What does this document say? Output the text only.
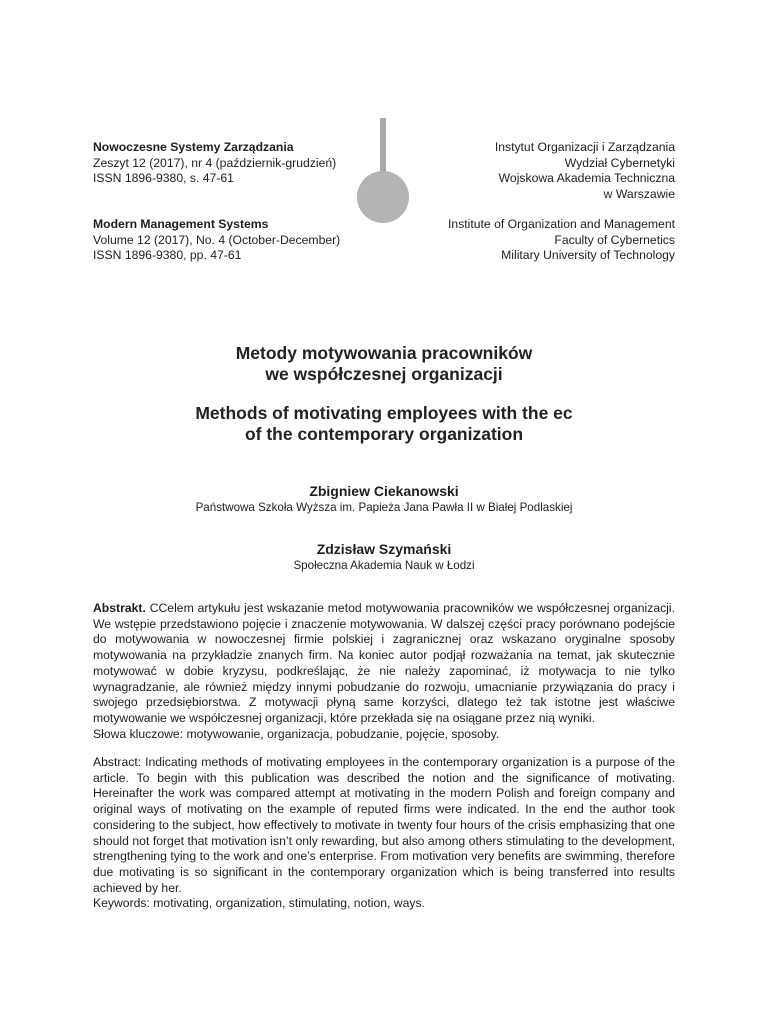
Nowoczesne Systemy Zarządzania
Zeszyt 12 (2017), nr 4 (październik-grudzień)
ISSN 1896-9380, s. 47-61
Modern Management Systems
Volume 12 (2017), No. 4 (October-December)
ISSN 1896-9380, pp. 47-61
Instytut Organizacji i Zarządzania
Wydział Cybernetyki
Wojskowa Akademia Techniczna
w Warszawie
Institute of Organization and Management
Faculty of Cybernetics
Military University of Technology
Metody motywowania pracowników
we współczesnej organizacji
Methods of motivating employees with the ec
of the contemporary organization
Zbigniew Ciekanowski
Państwowa Szkoła Wyższa im. Papieża Jana Pawła II w Białej Podlaskiej
Zdzisław Szymański
Społeczna Akademia Nauk w Łodzi
Abstrakt. CCelem artykułu jest wskazanie metod motywowania pracowników we współczesnej organizacji. We wstępie przedstawiono pojęcie i znaczenie motywowania. W dalszej części pracy porównano podejście do motywowania w nowoczesnej firmie polskiej i zagranicznej oraz wskazano oryginalne sposoby motywowania na przykładzie znanych firm. Na koniec autor podjął rozważania na temat, jak skutecznie motywować w dobie kryzysu, podkreślając, że nie należy zapominać, iż motywacja to nie tylko wynagradzanie, ale również między innymi pobudzanie do rozwoju, umacnianie przywiązania do pracy i swojego przedsiębiorstwa. Z motywacji płyną same korzyści, dlatego też tak istotne jest właściwe motywowanie we współczesnej organizacji, które przekłada się na osiągane przez nią wyniki.
Słowa kluczowe: motywowanie, organizacja, pobudzanie, pojęcie, sposoby.
Abstract: Indicating methods of motivating employees in the contemporary organization is a purpose of the article. To begin with this publication was described the notion and the significance of motivating. Hereinafter the work was compared attempt at motivating in the modern Polish and foreign company and original ways of motivating on the example of reputed firms were indicated. In the end the author took considering to the subject, how effectively to motivate in twenty four hours of the crisis emphasizing that one should not forget that motivation isn’t only rewarding, but also among others stimulating to the development, strengthening tying to the work and one’s enterprise. From motivation very benefits are swimming, therefore due motivating is so significant in the contemporary organization which is being transferred into results achieved by her.
Keywords: motivating, organization, stimulating, notion, ways.
